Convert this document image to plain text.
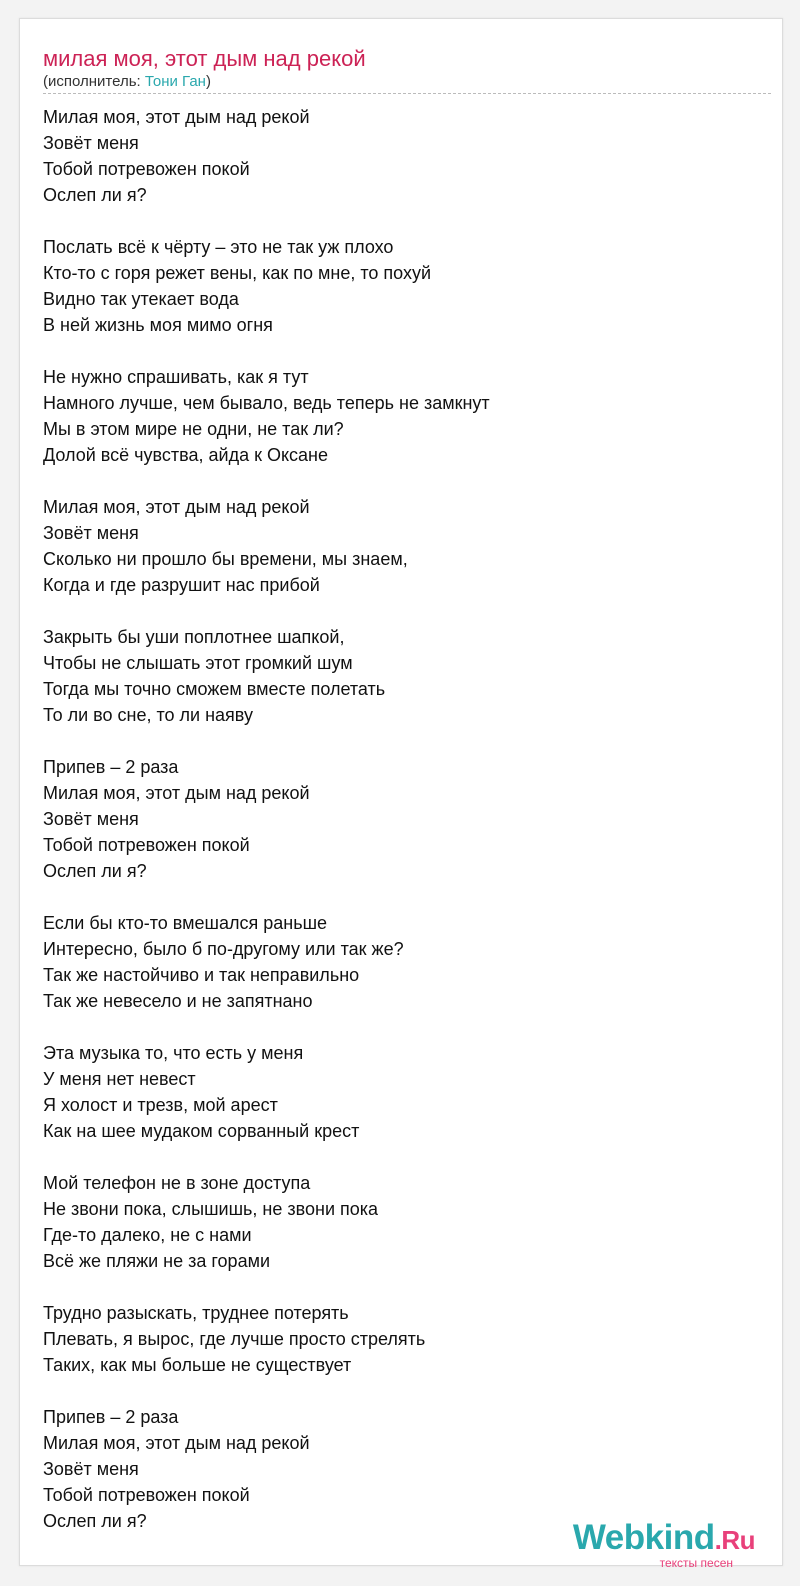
милая моя, этот дым над рекой
(исполнитель: Тони Ган)
Милая моя, этот дым над рекой
Зовёт меня
Тобой потревожен покой
Ослеп ли я?
Послать всё к чёрту – это не так уж плохо
Кто-то с горя режет вены, как по мне, то похуй
Видно так утекает вода
В ней жизнь моя мимо огня
Не нужно спрашивать, как я тут
Намного лучше, чем бывало, ведь теперь не замкнут
Мы в этом мире не одни, не так ли?
Долой всё чувства, айда к Оксане
Милая моя, этот дым над рекой
Зовёт меня
Сколько ни прошло бы времени, мы знаем,
Когда и где разрушит нас прибой
Закрыть бы уши поплотнее шапкой,
Чтобы не слышать этот громкий шум
Тогда мы точно сможем вместе полетать
То ли во сне, то ли наяву
Припев – 2 раза
Милая моя, этот дым над рекой
Зовёт меня
Тобой потревожен покой
Ослеп ли я?
Если бы кто-то вмешался раньше
Интересно, было б по-другому или так же?
Так же настойчиво и так неправильно
Так же невесело и не запятнано
Эта музыка то, что есть у меня
У меня нет невест
Я холост и трезв, мой арест
Как на шее мудаком сорванный крест
Мой телефон не в зоне доступа
Не звони пока, слышишь, не звони пока
Где-то далеко, не с нами
Всё же пляжи не за горами
Трудно разыскать, труднее потерять
Плевать, я вырос, где лучше просто стрелять
Таких, как мы больше не существует
Припев – 2 раза
Милая моя, этот дым над рекой
Зовёт меня
Тобой потревожен покой
Ослеп ли я?	Webkind.Ru
тексты песен
